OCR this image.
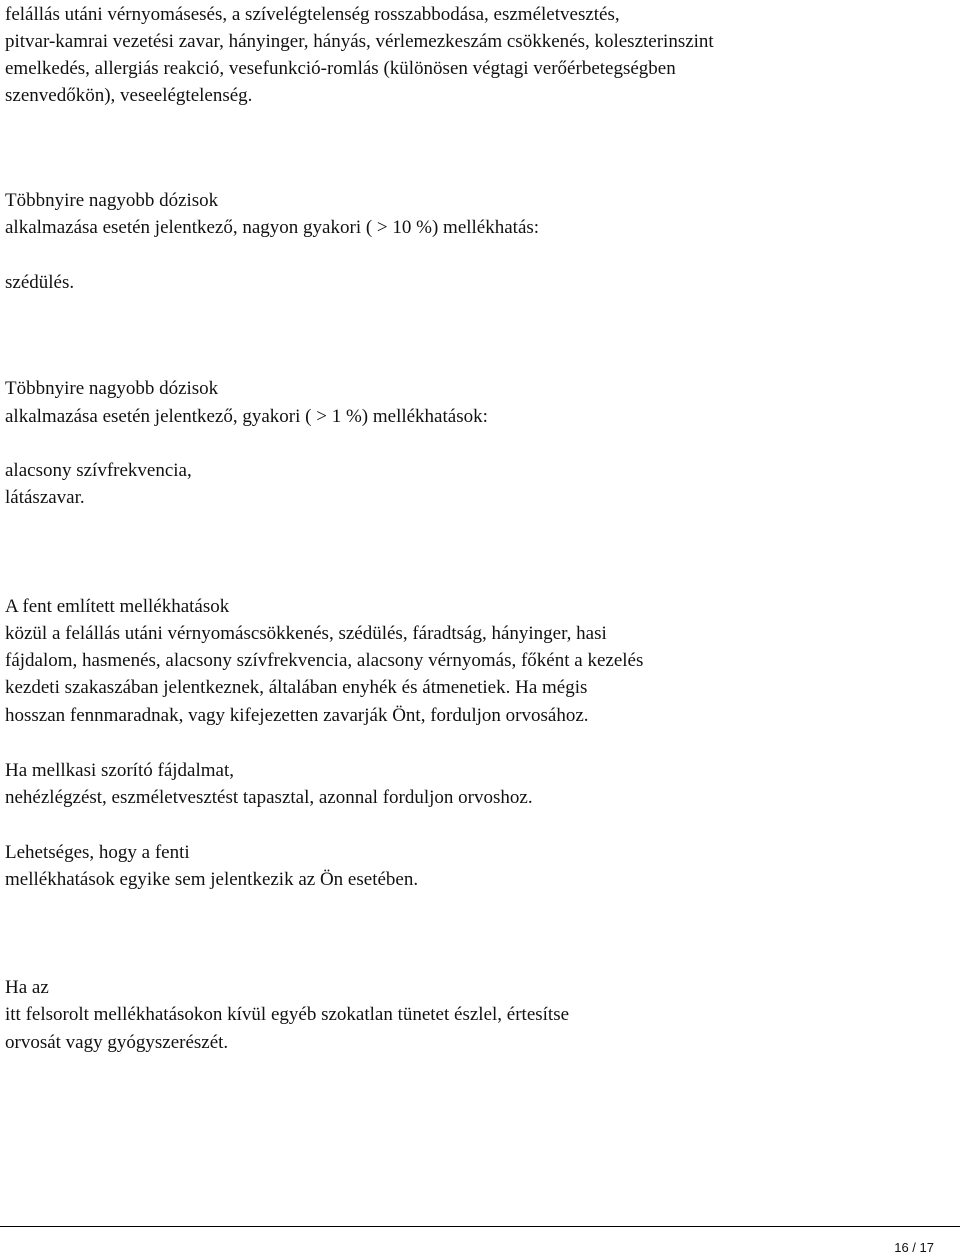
felállás utáni vérnyomásesés, a szívelégtelenség rosszabbodása, eszméletvesztés,
pitvar-kamrai vezetési zavar, hányinger, hányás, vérlemezkeszám csökkenés, koleszterinszint
emelkedés, allergiás reakció, vesefunkció-romlás (különösen végtagi verőérbetegségben
szenvedőkön), veseelégtelenség.
Többnyire nagyobb dózisok
alkalmazása esetén jelentkező, nagyon gyakori ( > 10 %) mellékhatás:
szédülés.
Többnyire nagyobb dózisok
alkalmazása esetén jelentkező, gyakori ( > 1 %) mellékhatások:
alacsony szívfrekvencia,
látászavar.
A fent említett mellékhatások
közül a felállás utáni vérnyomáscsökkenés, szédülés, fáradtság, hányinger, hasi
fájdalom, hasmenés, alacsony szívfrekvencia, alacsony vérnyomás, főként a kezelés
kezdeti szakaszában jelentkeznek, általában enyhék és átmenetiek. Ha mégis
hosszan fennmaradnak, vagy kifejezetten zavarják Önt, forduljon orvosához.
Ha mellkasi szorító fájdalmat,
nehézlégzést, eszméletvesztést tapasztal, azonnal forduljon orvoshoz.
Lehetséges, hogy a fenti
mellékhatások egyike sem jelentkezik az Ön esetében.
Ha az
itt felsorolt mellékhatásokon kívül egyéb szokatlan tünetet észlel, értesítse
orvosát vagy gyógyszerészét.
16 / 17
